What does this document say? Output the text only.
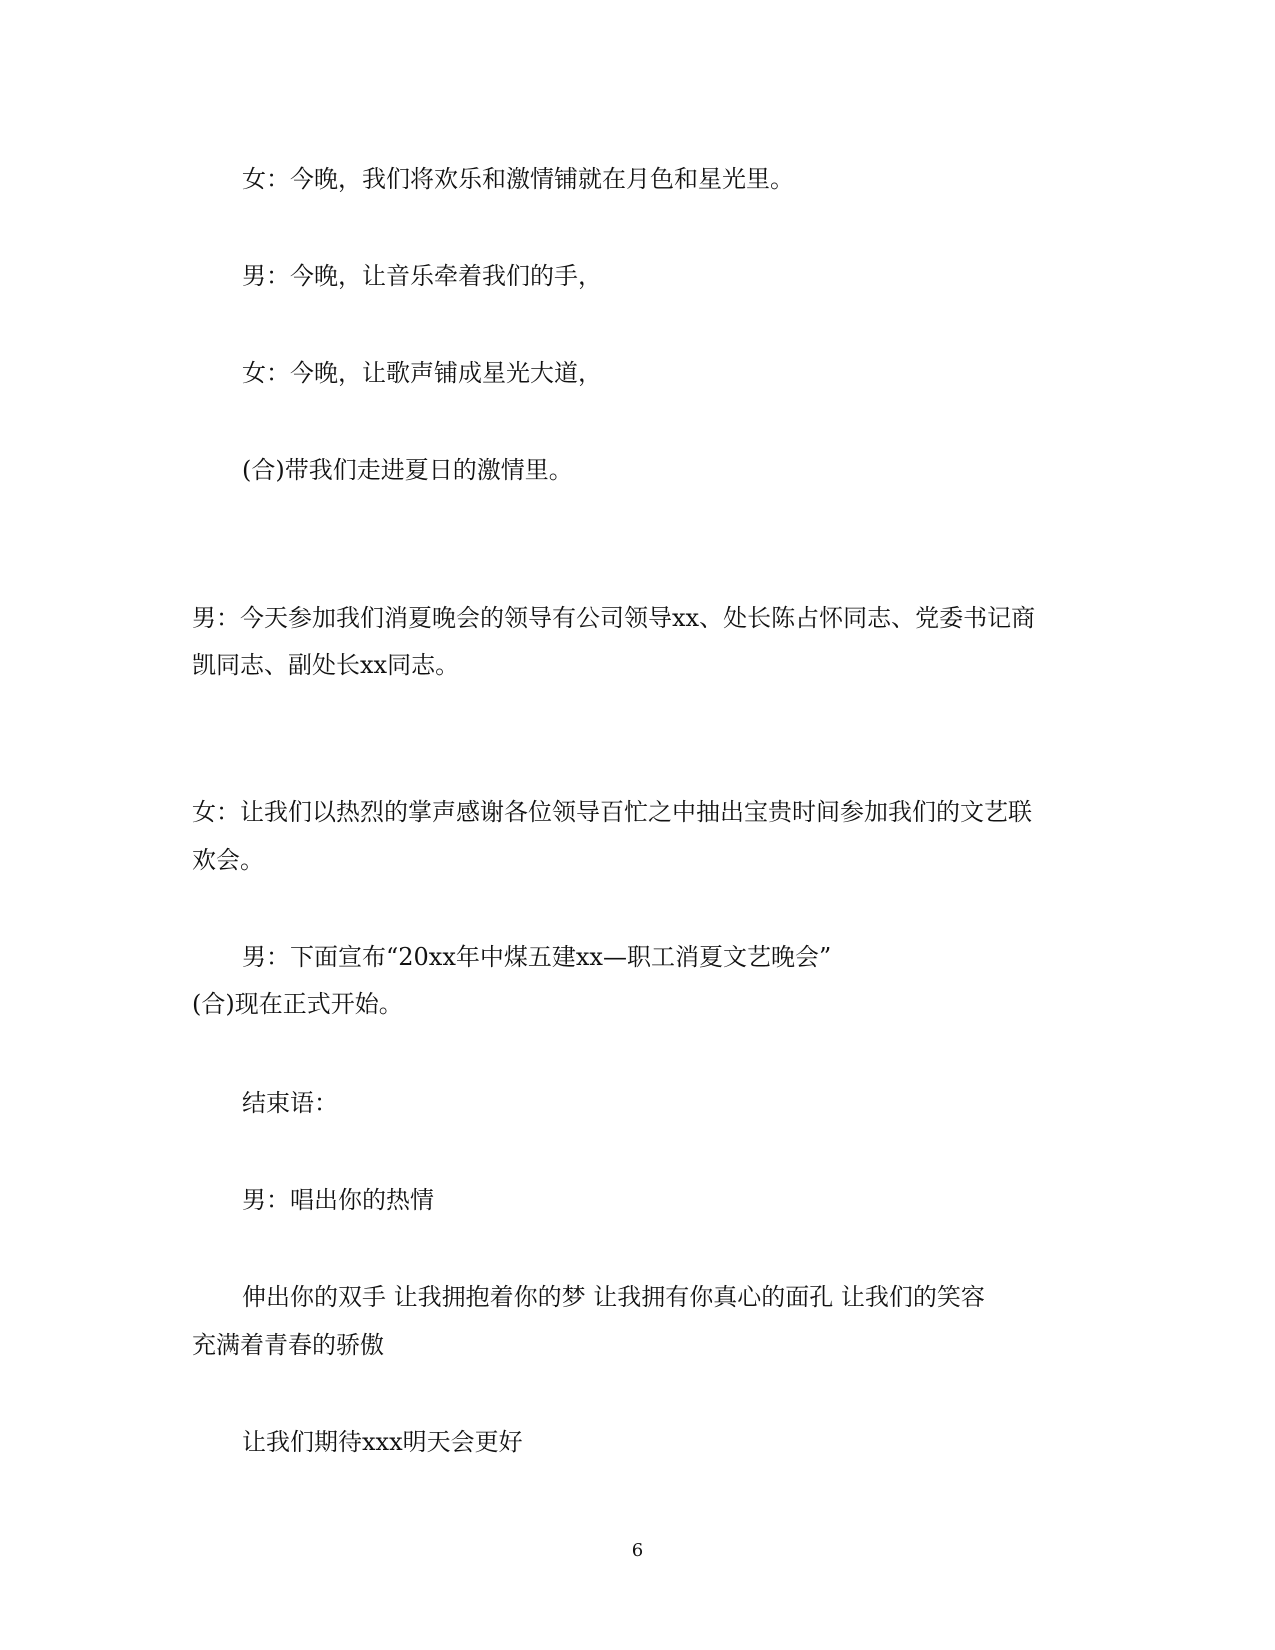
女：今晚，我们将欢乐和激情铺就在月色和星光里。
男：今晚，让音乐牵着我们的手，
女：今晚，让歌声铺成星光大道，
(合)带我们走进夏日的激情里。
男：今天参加我们消夏晚会的领导有公司领导xx、处长陈占怀同志、党委书记商
凯同志、副处长xx同志。
女：让我们以热烈的掌声感谢各位领导百忙之中抽出宝贵时间参加我们的文艺联
欢会。
男：下面宣布“20xx年中煤五建xx—职工消夏文艺晚会”
(合)现在正式开始。
结束语：
男：唱出你的热情
伸出你的双手 让我拥抱着你的梦 让我拥有你真心的面孔 让我们的笑容
充满着青春的骄傲
让我们期待xxx明天会更好
6
